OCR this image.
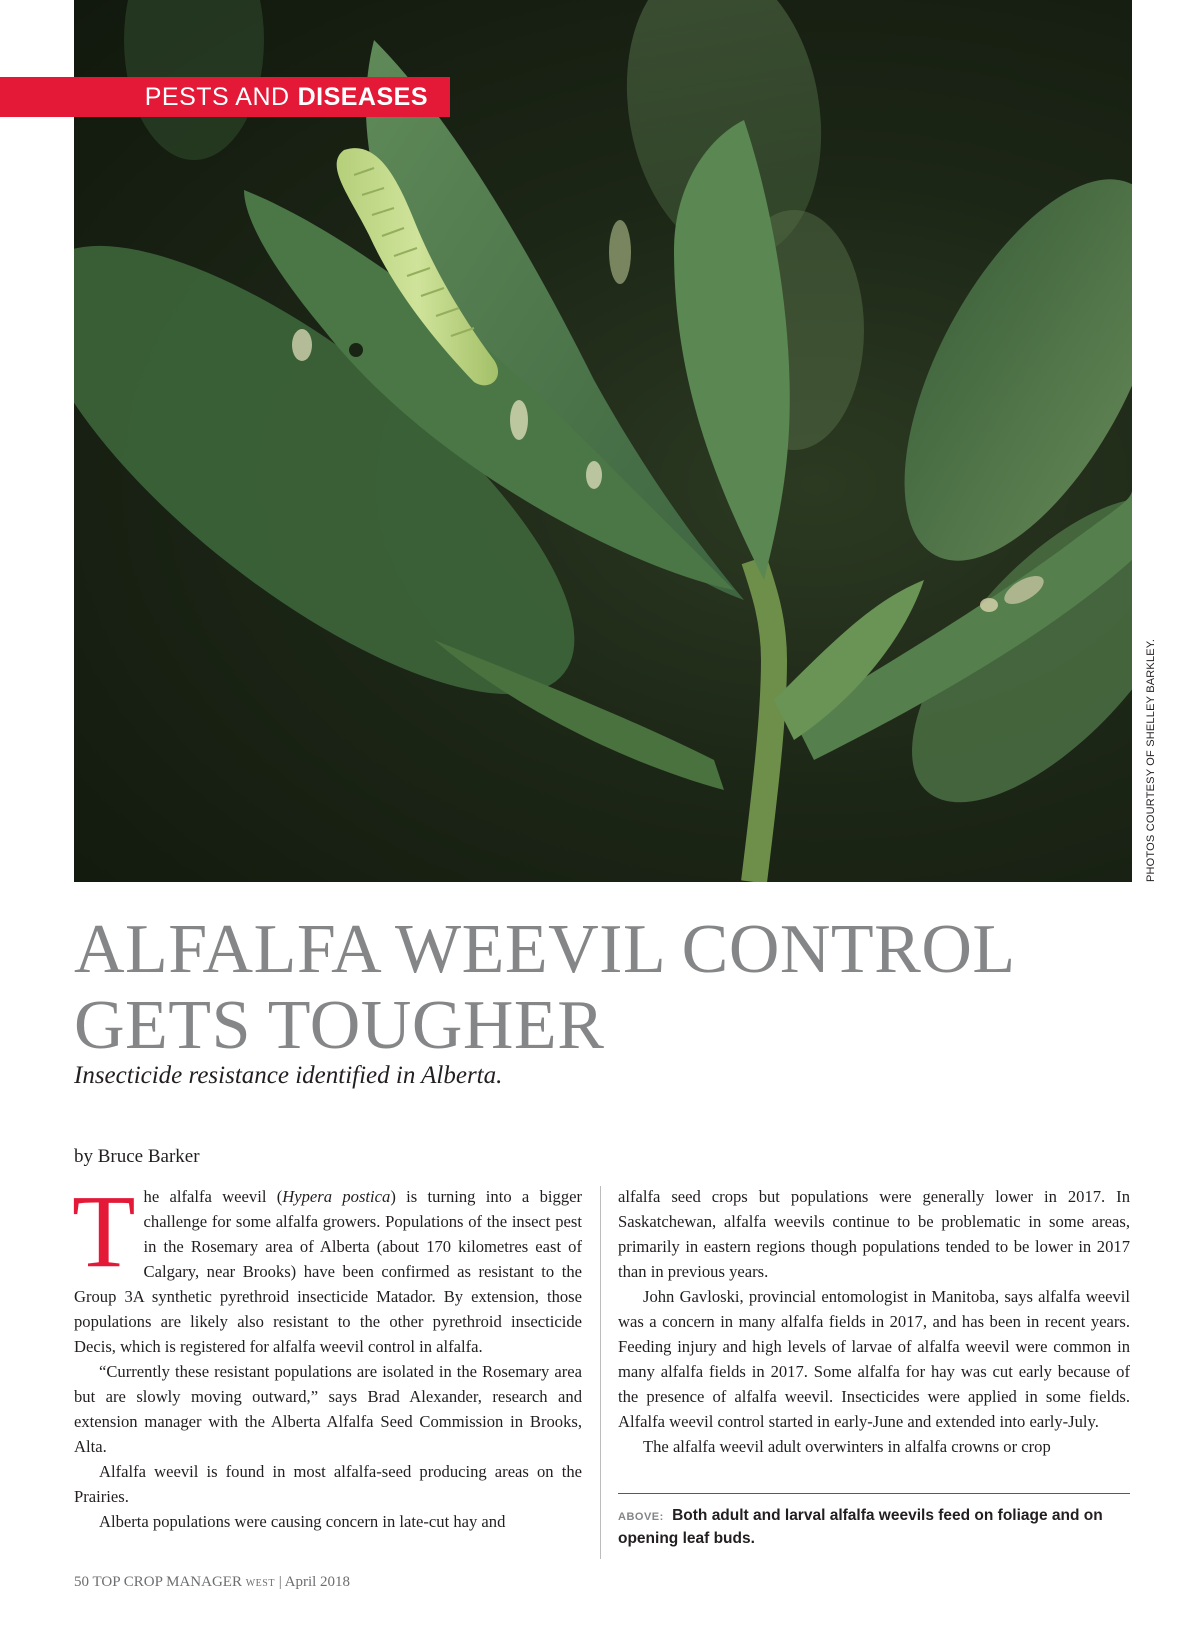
PESTS AND DISEASES
PHOTOS COURTESY OF SHELLEY BARKLEY.
ALFALFA WEEVIL CONTROL
GETS TOUGHER
Insecticide resistance identified in Alberta.
by Bruce Barker

The alfalfa weevil (Hypera postica) is turning into a bigger challenge for some alfalfa growers. Populations of the insect pest in the Rosemary area of Alberta (about 170 kilometres east of Calgary, near Brooks) have been confirmed as resistant to the Group 3A synthetic pyrethroid insecticide Matador. By extension, those populations are likely also resistant to the other pyrethroid insecticide Decis, which is registered for alfalfa weevil control in alfalfa.

“Currently these resistant populations are isolated in the Rosemary area but are slowly moving outward,” says Brad Alexander, research and extension manager with the Alberta Alfalfa Seed Commission in Brooks, Alta.

Alfalfa weevil is found in most alfalfa-seed producing areas on the Prairies.

Alberta populations were causing concern in late-cut hay and

alfalfa seed crops but populations were generally lower in 2017. In Saskatchewan, alfalfa weevils continue to be problematic in some areas, primarily in eastern regions though populations tended to be lower in 2017 than in previous years.

John Gavloski, provincial entomologist in Manitoba, says alfalfa weevil was a concern in many alfalfa fields in 2017, and has been in recent years. Feeding injury and high levels of larvae of alfalfa weevil were common in many alfalfa fields in 2017. Some alfalfa for hay was cut early because of the presence of alfalfa weevil. Insecticides were applied in some fields. Alfalfa weevil control started in early-June and extended into early-July.

The alfalfa weevil adult overwinters in alfalfa crowns or crop

ABOVE: Both adult and larval alfalfa weevils feed on foliage and on opening leaf buds.
50 TOP CROP MANAGER WEST | April 2018
